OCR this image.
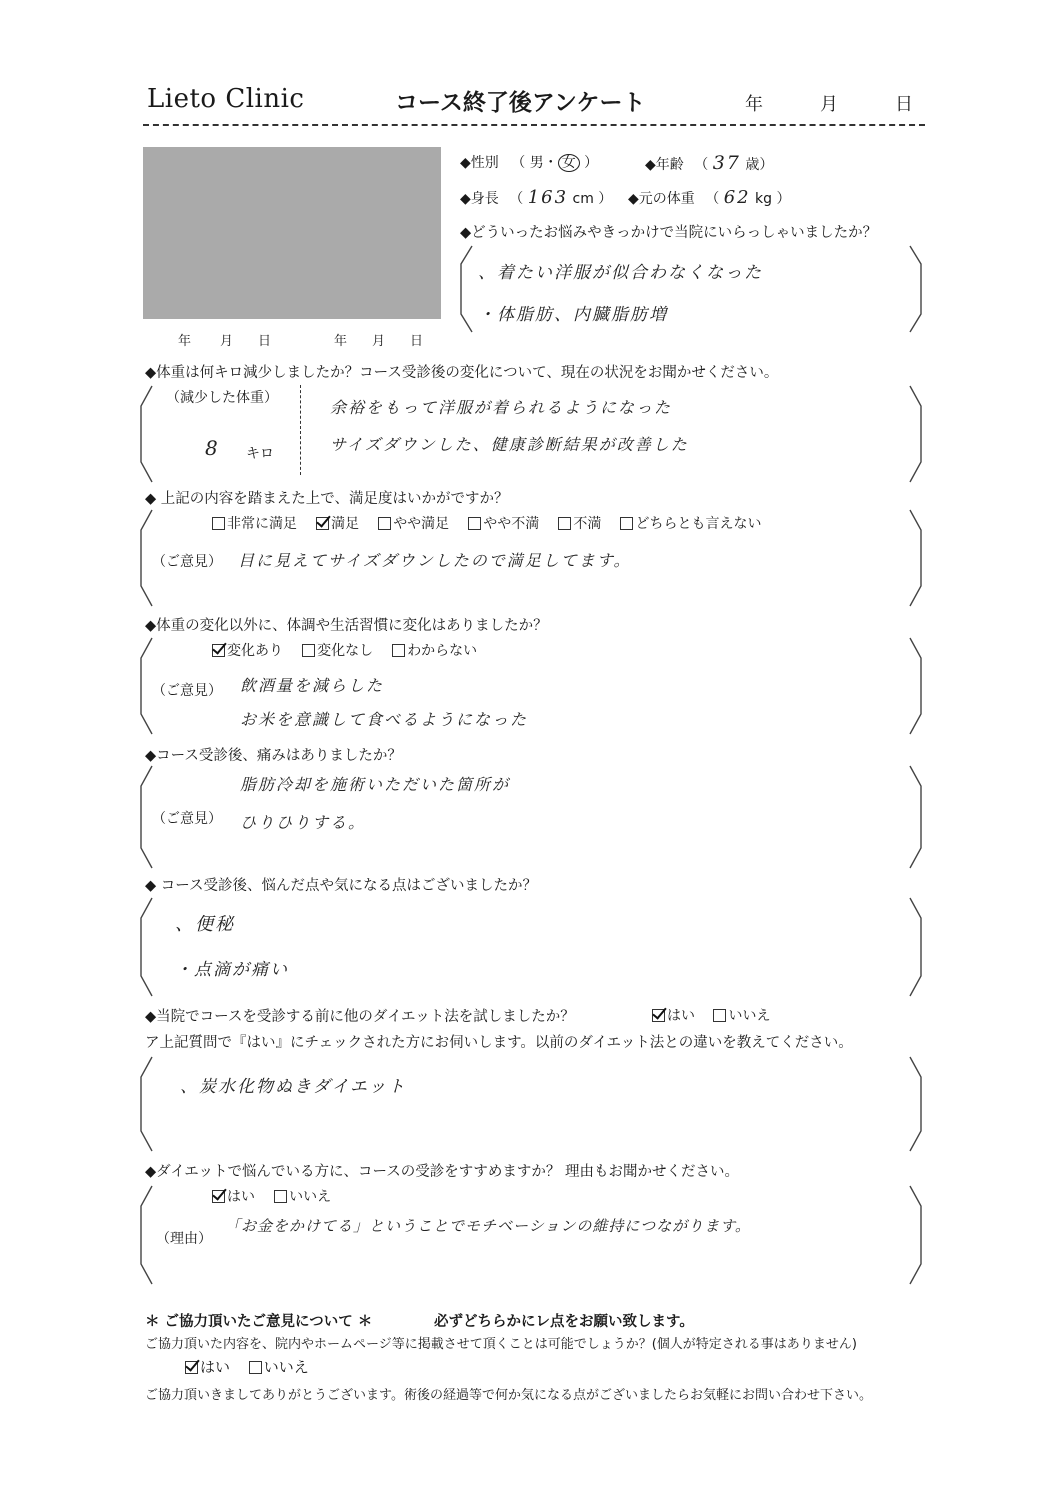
Lieto Clinic	コース終了後アンケート	年	月	日
年 月 日	年 月 日
◆性別 （ 男・ 女 ）	◆年齢 （ 37 歳）
◆身長 （ 163 cm ） ◆元の体重 （ 62 kg ）
◆どういったお悩みやきっかけで当院にいらっしゃいましたか？
、着たい洋服が似合わなくなった
・体脂肪、内臓脂肪増
◆体重は何キロ減少しましたか？コース受診後の変化について、現在の状況をお聞かせください。
（減少した体重）
8 キロ
余裕をもって洋服が着られるようになった
サイズダウンした、健康診断結果が改善した
◆ 上記の内容を踏まえた上で、満足度はいかがですか？
非常に満足 満足 やや満足 やや不満 不満 どちらとも言えない
（ご意見） 目に見えてサイズダウンしたので満足してます。
◆体重の変化以外に、体調や生活習慣に変化はありましたか？
変化あり 変化なし わからない
（ご意見） 飲酒量を減らした
お米を意識して食べるようになった
◆コース受診後、痛みはありましたか？
（ご意見）
脂肪冷却を施術いただいた箇所が
ひりひりする。
◆ コース受診後、悩んだ点や気になる点はございましたか？
、便秘
・点滴が痛い
◆当院でコースを受診する前に他のダイエット法を試しましたか？	はい いいえ
ア上記質問で『はい』にチェックされた方にお伺いします。以前のダイエット法との違いを教えてください。
、炭水化物ぬきダイエット
◆ダイエットで悩んでいる方に、コースの受診をすすめますか？ 理由もお聞かせください。
はい いいえ
（理由）
「お金をかけてる」ということでモチベーションの維持につながります。
＊ ご協力頂いたご意見について ＊	必ずどちらかにレ点をお願い致します。
ご協力頂いた内容を、院内やホームページ等に掲載させて頂くことは可能でしょうか？(個人が特定される事はありません)
はい いいえ
ご協力頂いきましてありがとうございます。術後の経過等で何か気になる点がございましたらお気軽にお問い合わせ下さい。
